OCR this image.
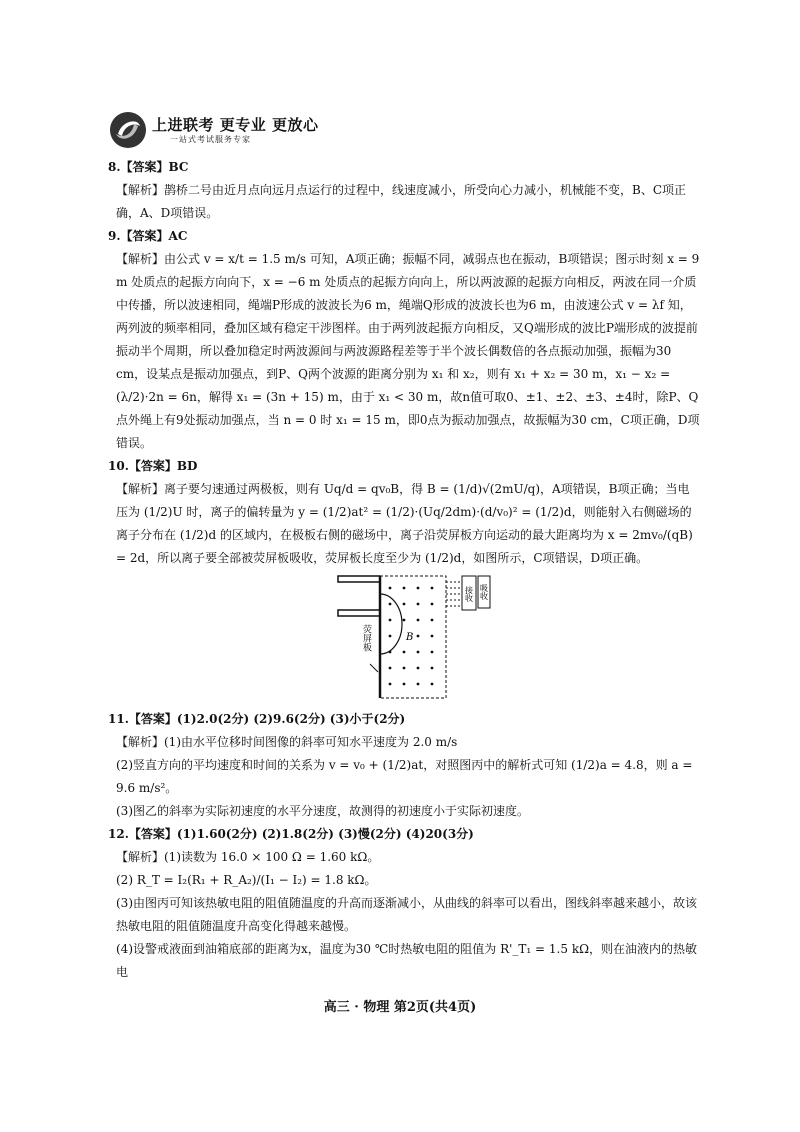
上进联考 更专业 更放心
一站式考试服务专家

8.【答案】BC

【解析】鹊桥二号由近月点向远月点运行的过程中，线速度减小，所受向心力减小，机械能不变，B、C项正确，A、D项错误。

9.【答案】AC

【解析】由公式 v = x/t = 1.5 m/s 可知，A项正确；振幅不同，减弱点也在振动，B项错误；图示时刻 x = 9 m 处质点的起振方向向下，x = −6 m 处质点的起振方向向上，所以两波源的起振方向相反，两波在同一介质中传播，所以波速相同，绳端P形成的波波长为6 m，绳端Q形成的波波长也为6 m，由波速公式 v = λf 知，两列波的频率相同，叠加区域有稳定干涉图样。由于两列波起振方向相反，又Q端形成的波比P端形成的波提前振动半个周期，所以叠加稳定时两波源间与两波源路程差等于半个波长偶数倍的各点振动加强，振幅为30 cm，设某点是振动加强点，到P、Q两个波源的距离分别为 x₁ 和 x₂，则有 x₁ + x₂ = 30 m，x₁ − x₂ = (λ/2)·2n = 6n，解得 x₁ = (3n + 15) m，由于 x₁ < 30 m，故n值可取0、±1、±2、±3、±4时，除P、Q点外绳上有9处振动加强点，当 n = 0 时 x₁ = 15 m，即0点为振动加强点，故振幅为30 cm，C项正确，D项错误。

10.【答案】BD

【解析】离子要匀速通过两极板，则有 Uq/d = qv₀B，得 B = (1/d)√(2mU/q)，A项错误，B项正确；当电压为 (1/2)U 时，离子的偏转量为 y = (1/2)at² = (1/2)·(Uq/2dm)·(d/v₀)² = (1/2)d，则能射入右侧磁场的离子分布在 (1/2)d 的区域内，在极板右侧的磁场中，离子沿荧屏板方向运动的最大距离均为 x = 2mv₀/(qB) = 2d，所以离子要全部被荧屏板吸收，荧屏板长度至少为 (1/2)d，如图所示，C项错误，D项正确。

B
接收 吸收
荧屏板

11.【答案】(1)2.0(2分) (2)9.6(2分) (3)小于(2分)

【解析】(1)由水平位移时间图像的斜率可知水平速度为 2.0 m/s

(2)竖直方向的平均速度和时间的关系为 v = v₀ + (1/2)at，对照图丙中的解析式可知 (1/2)a = 4.8，则 a = 9.6 m/s²。

(3)图乙的斜率为实际初速度的水平分速度，故测得的初速度小于实际初速度。

12.【答案】(1)1.60(2分) (2)1.8(2分) (3)慢(2分) (4)20(3分)

【解析】(1)读数为 16.0 × 100 Ω = 1.60 kΩ。

(2) R_T = I₂(R₁ + R_A₂)/(I₁ − I₂) = 1.8 kΩ。

(3)由图丙可知该热敏电阻的阻值随温度的升高而逐渐减小，从曲线的斜率可以看出，图线斜率越来越小，故该热敏电阻的阻值随温度升高变化得越来越慢。

(4)设警戒液面到油箱底部的距离为x，温度为30 ℃时热敏电阻的阻值为 R'_T₁ = 1.5 kΩ，则在油液内的热敏电

高三 · 物理 第2页(共4页)
